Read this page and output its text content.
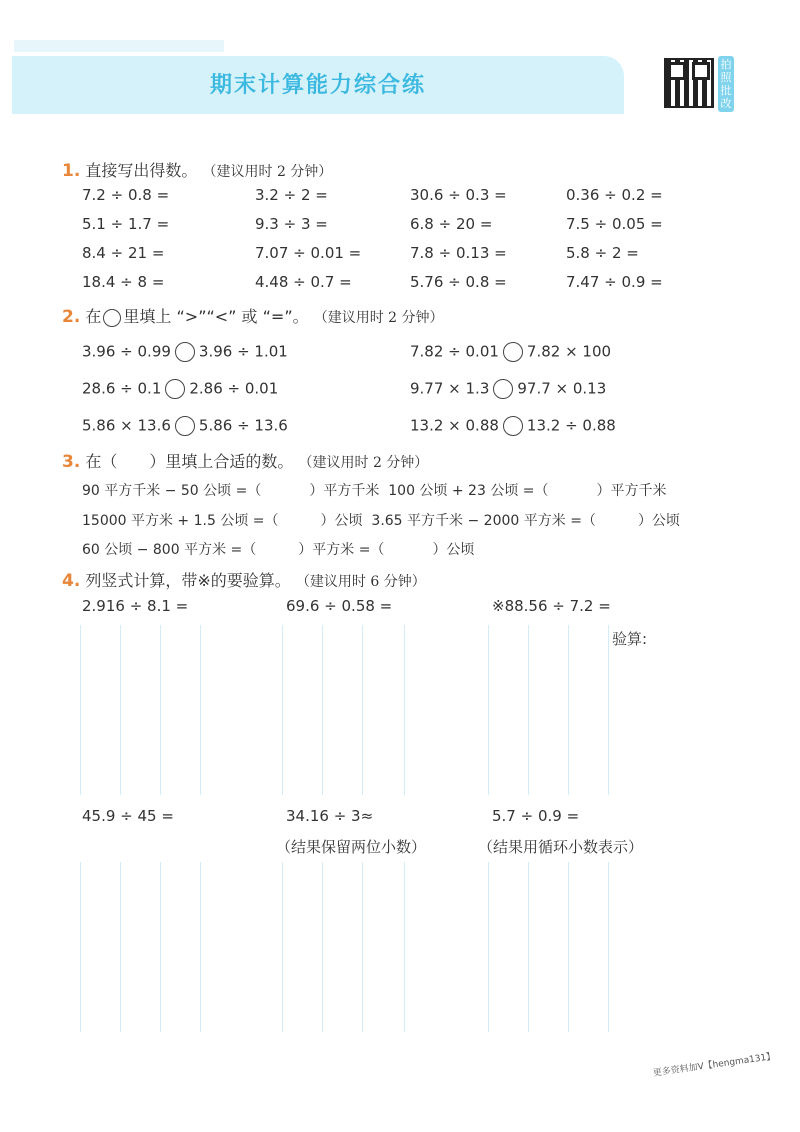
期末计算能力综合练
拍照批改
1. 直接写出得数。 （建议用时 2 分钟）
7.2 ÷ 0.8 =	3.2 ÷ 2 =	30.6 ÷ 0.3 =	0.36 ÷ 0.2 =
5.1 ÷ 1.7 =	9.3 ÷ 3 =	6.8 ÷ 20 =	7.5 ÷ 0.05 =
8.4 ÷ 21 =	7.07 ÷ 0.01 =	7.8 ÷ 0.13 =	5.8 ÷ 2 =
18.4 ÷ 8 =	4.48 ÷ 0.7 =	5.76 ÷ 0.8 =	7.47 ÷ 0.9 =
2. 在 里填上 “>”“<” 或 “=”。 （建议用时 2 分钟）
3.96 ÷ 0.99 3.96 ÷ 1.01	7.82 ÷ 0.01 7.82 × 100
28.6 ÷ 0.1 2.86 ÷ 0.01	9.77 × 1.3 97.7 × 0.13
5.86 × 13.6 5.86 ÷ 13.6	13.2 × 0.88 13.2 ÷ 0.88
3. 在（　　）里填上合适的数。 （建议用时 2 分钟）
90 平方千米 − 50 公顷 =（	）平方千米 100 公顷 + 23 公顷 =（	）平方千米
15000 平方米 + 1.5 公顷 =（	）公顷 3.65 平方千米 − 2000 平方米 =（	）公顷
60 公顷 − 800 平方米 =（	）平方米 =（	）公顷
4. 列竖式计算，带※的要验算。 （建议用时 6 分钟）
2.916 ÷ 8.1 =	69.6 ÷ 0.58 =	※88.56 ÷ 7.2 =
验算:
45.9 ÷ 45 =	34.16 ÷ 3≈	5.7 ÷ 0.9 =
（结果保留两位小数）	（结果用循环小数表示）
更多资料加V【hengma131】
